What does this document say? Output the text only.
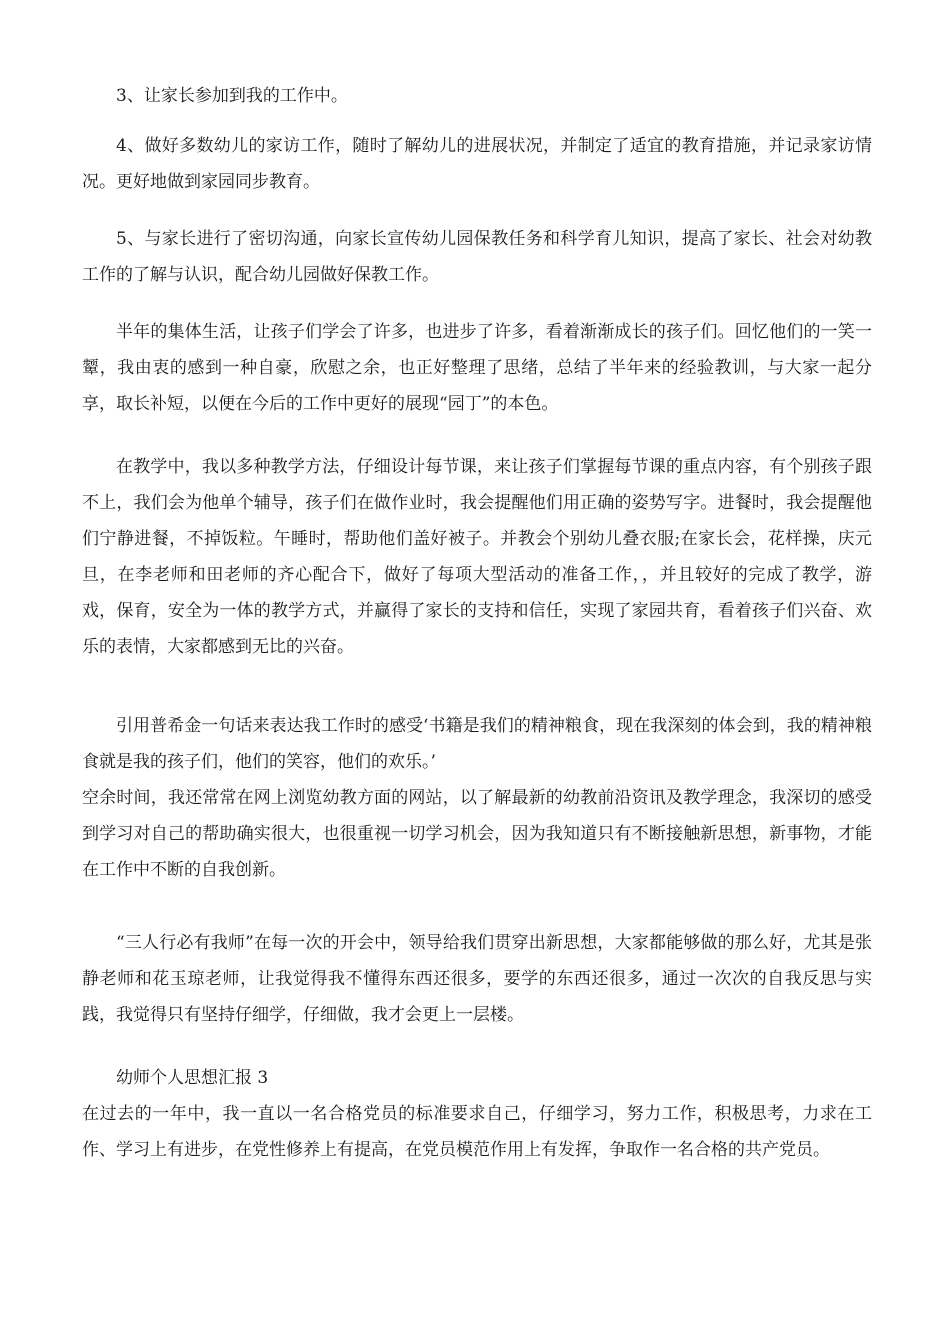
3、让家长参加到我的工作中。

4、做好多数幼儿的家访工作，随时了解幼儿的进展状况，并制定了适宜的教育措施，并记录家访情况。更好地做到家园同步教育。

5、与家长进行了密切沟通，向家长宣传幼儿园保教任务和科学育儿知识，提高了家长、社会对幼教工作的了解与认识，配合幼儿园做好保教工作。

半年的集体生活，让孩子们学会了许多，也进步了许多，看着渐渐成长的孩子们。回忆他们的一笑一颦，我由衷的感到一种自豪，欣慰之余，也正好整理了思绪，总结了半年来的经验教训，与大家一起分享，取长补短，以便在今后的工作中更好的展现“园丁”的本色。

在教学中，我以多种教学方法，仔细设计每节课，来让孩子们掌握每节课的重点内容，有个别孩子跟不上，我们会为他单个辅导，孩子们在做作业时，我会提醒他们用正确的姿势写字。进餐时，我会提醒他们宁静进餐，不掉饭粒。午睡时，帮助他们盖好被子。并教会个别幼儿叠衣服;在家长会，花样操，庆元旦，在李老师和田老师的齐心配合下，做好了每项大型活动的准备工作，，并且较好的完成了教学，游戏，保育，安全为一体的教学方式，并赢得了家长的支持和信任，实现了家园共育，看着孩子们兴奋、欢乐的表情，大家都感到无比的兴奋。

引用普希金一句话来表达我工作时的感受‘书籍是我们的精神粮食，现在我深刻的体会到，我的精神粮食就是我的孩子们，他们的笑容，他们的欢乐。’

空余时间，我还常常在网上浏览幼教方面的网站，以了解最新的幼教前沿资讯及教学理念，我深切的感受到学习对自己的帮助确实很大，也很重视一切学习机会，因为我知道只有不断接触新思想，新事物，才能在工作中不断的自我创新。

“三人行必有我师”在每一次的开会中，领导给我们贯穿出新思想，大家都能够做的那么好，尤其是张静老师和花玉琼老师，让我觉得我不懂得东西还很多，要学的东西还很多，通过一次次的自我反思与实践，我觉得只有坚持仔细学，仔细做，我才会更上一层楼。

幼师个人思想汇报 3

在过去的一年中，我一直以一名合格党员的标准要求自己，仔细学习，努力工作，积极思考，力求在工作、学习上有进步，在党性修养上有提高，在党员模范作用上有发挥，争取作一名合格的共产党员。
